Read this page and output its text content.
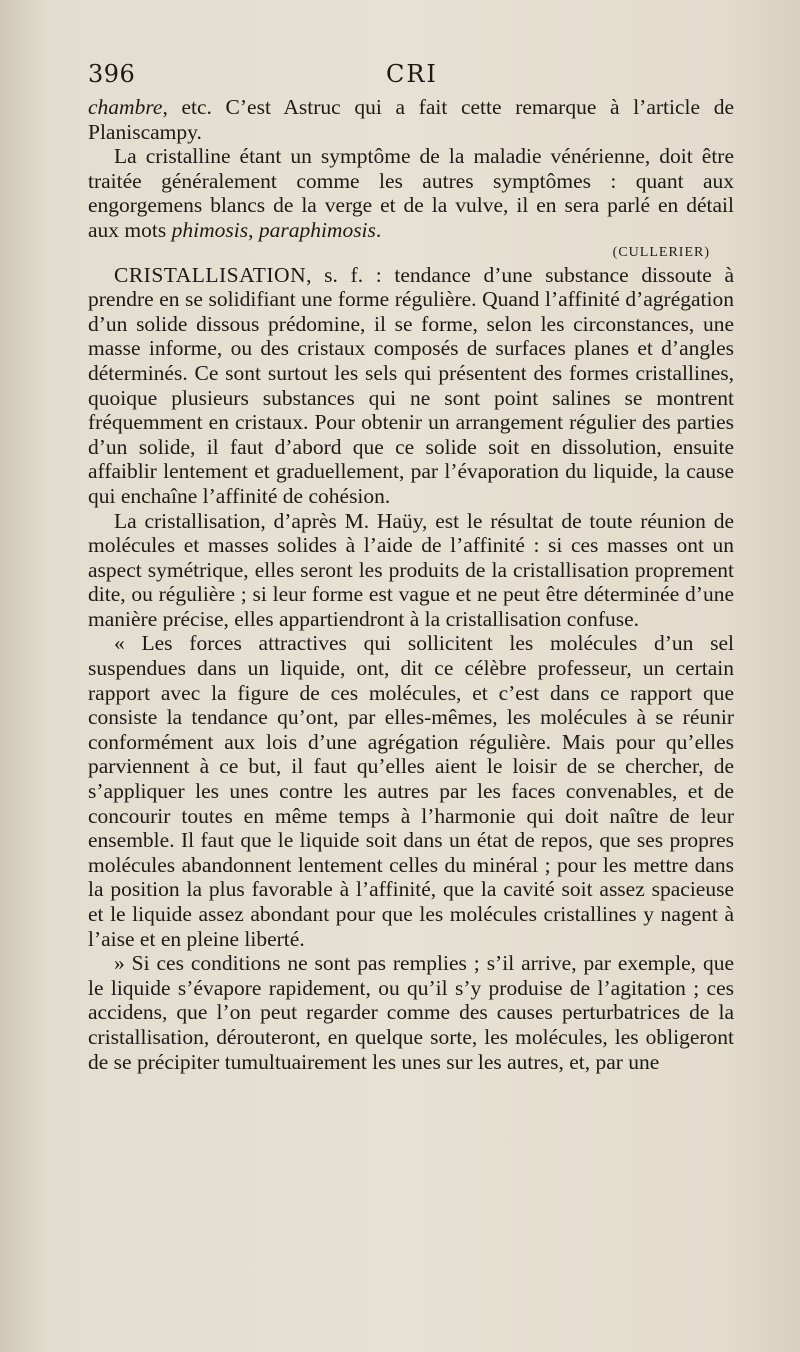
396	CRI

chambre, etc. C’est Astruc qui a fait cette remarque à l’article de Planiscampy.

La cristalline étant un symptôme de la maladie vénérienne, doit être traitée généralement comme les autres symptômes : quant aux engorgemens blancs de la verge et de la vulve, il en sera parlé en détail aux mots phimosis, paraphimosis.

(CULLERIER)

CRISTALLISATION, s. f. : tendance d’une substance dissoute à prendre en se solidifiant une forme régulière. Quand l’affinité d’agrégation d’un solide dissous prédomine, il se forme, selon les circonstances, une masse informe, ou des cristaux composés de surfaces planes et d’angles déterminés. Ce sont surtout les sels qui présentent des formes cristallines, quoique plusieurs substances qui ne sont point salines se montrent fréquemment en cristaux. Pour obtenir un arrangement régulier des parties d’un solide, il faut d’abord que ce solide soit en dissolution, ensuite affaiblir lentement et graduellement, par l’évaporation du liquide, la cause qui enchaîne l’affinité de cohésion.

La cristallisation, d’après M. Haüy, est le résultat de toute réunion de molécules et masses solides à l’aide de l’affinité : si ces masses ont un aspect symétrique, elles seront les produits de la cristallisation proprement dite, ou régulière ; si leur forme est vague et ne peut être déterminée d’une manière précise, elles appartiendront à la cristallisation confuse.

« Les forces attractives qui sollicitent les molécules d’un sel suspendues dans un liquide, ont, dit ce célèbre professeur, un certain rapport avec la figure de ces molécules, et c’est dans ce rapport que consiste la tendance qu’ont, par elles-mêmes, les molécules à se réunir conformément aux lois d’une agrégation régulière. Mais pour qu’elles parviennent à ce but, il faut qu’elles aient le loisir de se chercher, de s’appliquer les unes contre les autres par les faces convenables, et de concourir toutes en même temps à l’harmonie qui doit naître de leur ensemble. Il faut que le liquide soit dans un état de repos, que ses propres molécules abandonnent lentement celles du minéral ; pour les mettre dans la position la plus favorable à l’affinité, que la cavité soit assez spacieuse et le liquide assez abondant pour que les molécules cristallines y nagent à l’aise et en pleine liberté.

» Si ces conditions ne sont pas remplies ; s’il arrive, par exemple, que le liquide s’évapore rapidement, ou qu’il s’y produise de l’agitation ; ces accidens, que l’on peut regarder comme des causes perturbatrices de la cristallisation, dérouteront, en quelque sorte, les molécules, les obligeront de se précipiter tumultuairement les unes sur les autres, et, par une
